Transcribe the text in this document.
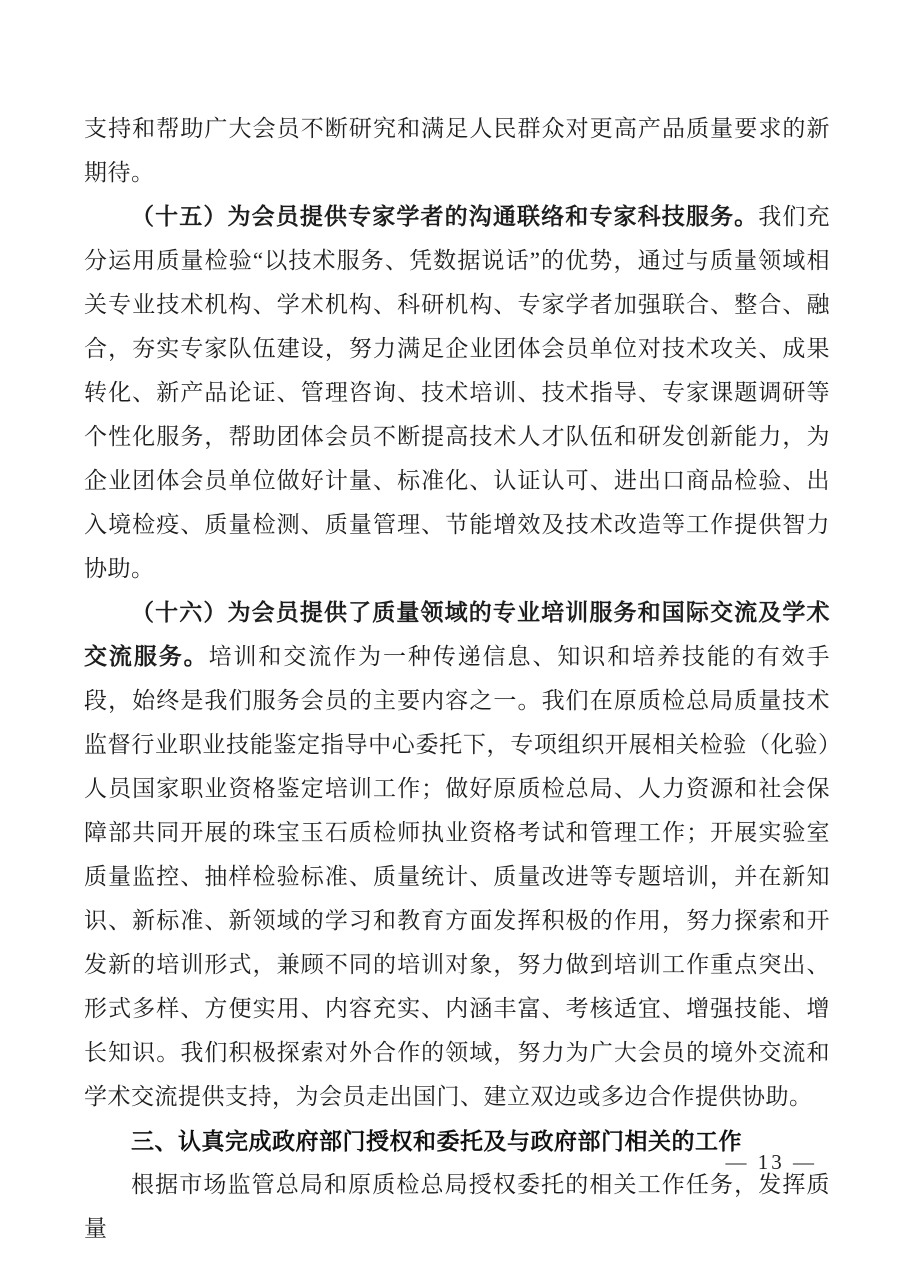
支持和帮助广大会员不断研究和满足人民群众对更高产品质量要求的新期待。

（十五）为会员提供专家学者的沟通联络和专家科技服务。我们充分运用质量检验“以技术服务、凭数据说话”的优势，通过与质量领域相关专业技术机构、学术机构、科研机构、专家学者加强联合、整合、融合，夯实专家队伍建设，努力满足企业团体会员单位对技术攻关、成果转化、新产品论证、管理咨询、技术培训、技术指导、专家课题调研等个性化服务，帮助团体会员不断提高技术人才队伍和研发创新能力，为企业团体会员单位做好计量、标准化、认证认可、进出口商品检验、出入境检疫、质量检测、质量管理、节能增效及技术改造等工作提供智力协助。

（十六）为会员提供了质量领域的专业培训服务和国际交流及学术交流服务。培训和交流作为一种传递信息、知识和培养技能的有效手段，始终是我们服务会员的主要内容之一。我们在原质检总局质量技术监督行业职业技能鉴定指导中心委托下，专项组织开展相关检验（化验）人员国家职业资格鉴定培训工作；做好原质检总局、人力资源和社会保障部共同开展的珠宝玉石质检师执业资格考试和管理工作；开展实验室质量监控、抽样检验标准、质量统计、质量改进等专题培训，并在新知识、新标准、新领域的学习和教育方面发挥积极的作用，努力探索和开发新的培训形式，兼顾不同的培训对象，努力做到培训工作重点突出、形式多样、方便实用、内容充实、内涵丰富、考核适宜、增强技能、增长知识。我们积极探索对外合作的领域，努力为广大会员的境外交流和学术交流提供支持，为会员走出国门、建立双边或多边合作提供协助。

三、认真完成政府部门授权和委托及与政府部门相关的工作

根据市场监管总局和原质检总局授权委托的相关工作任务，发挥质量

— 13 —
